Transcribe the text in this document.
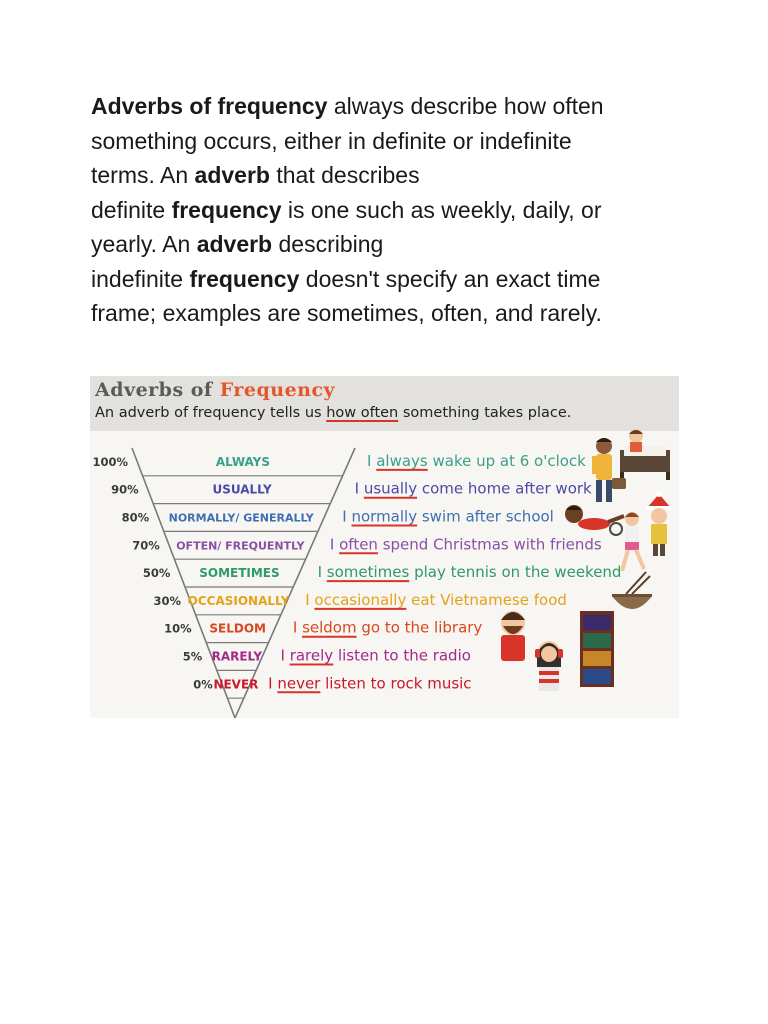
Adverbs of frequency always describe how often
something occurs, either in definite or indefinite
terms. An adverb that describes
definite frequency is one such as weekly, daily, or
yearly. An adverb describing
indefinite frequency doesn't specify an exact time
frame; examples are sometimes, often, and rarely.

Adverbs of Frequency
An adverb of frequency tells us how often something takes place.
100%	ALWAYS	I always wake up at 6 o'clock
90%	USUALLY	I usually come home after work
80% NORMALLY/ GENERALLY I normally swim after school
70% OFTEN/ FREQUENTLY I often spend Christmas with friends
50% SOMETIMES	I sometimes play tennis on the weekend
30% OCCASIONALLY I occasionally eat Vietnamese food
10% SELDOM I seldom go to the library
5% RARELY I rarely listen to the radio
0% NEVER I never listen to rock music
